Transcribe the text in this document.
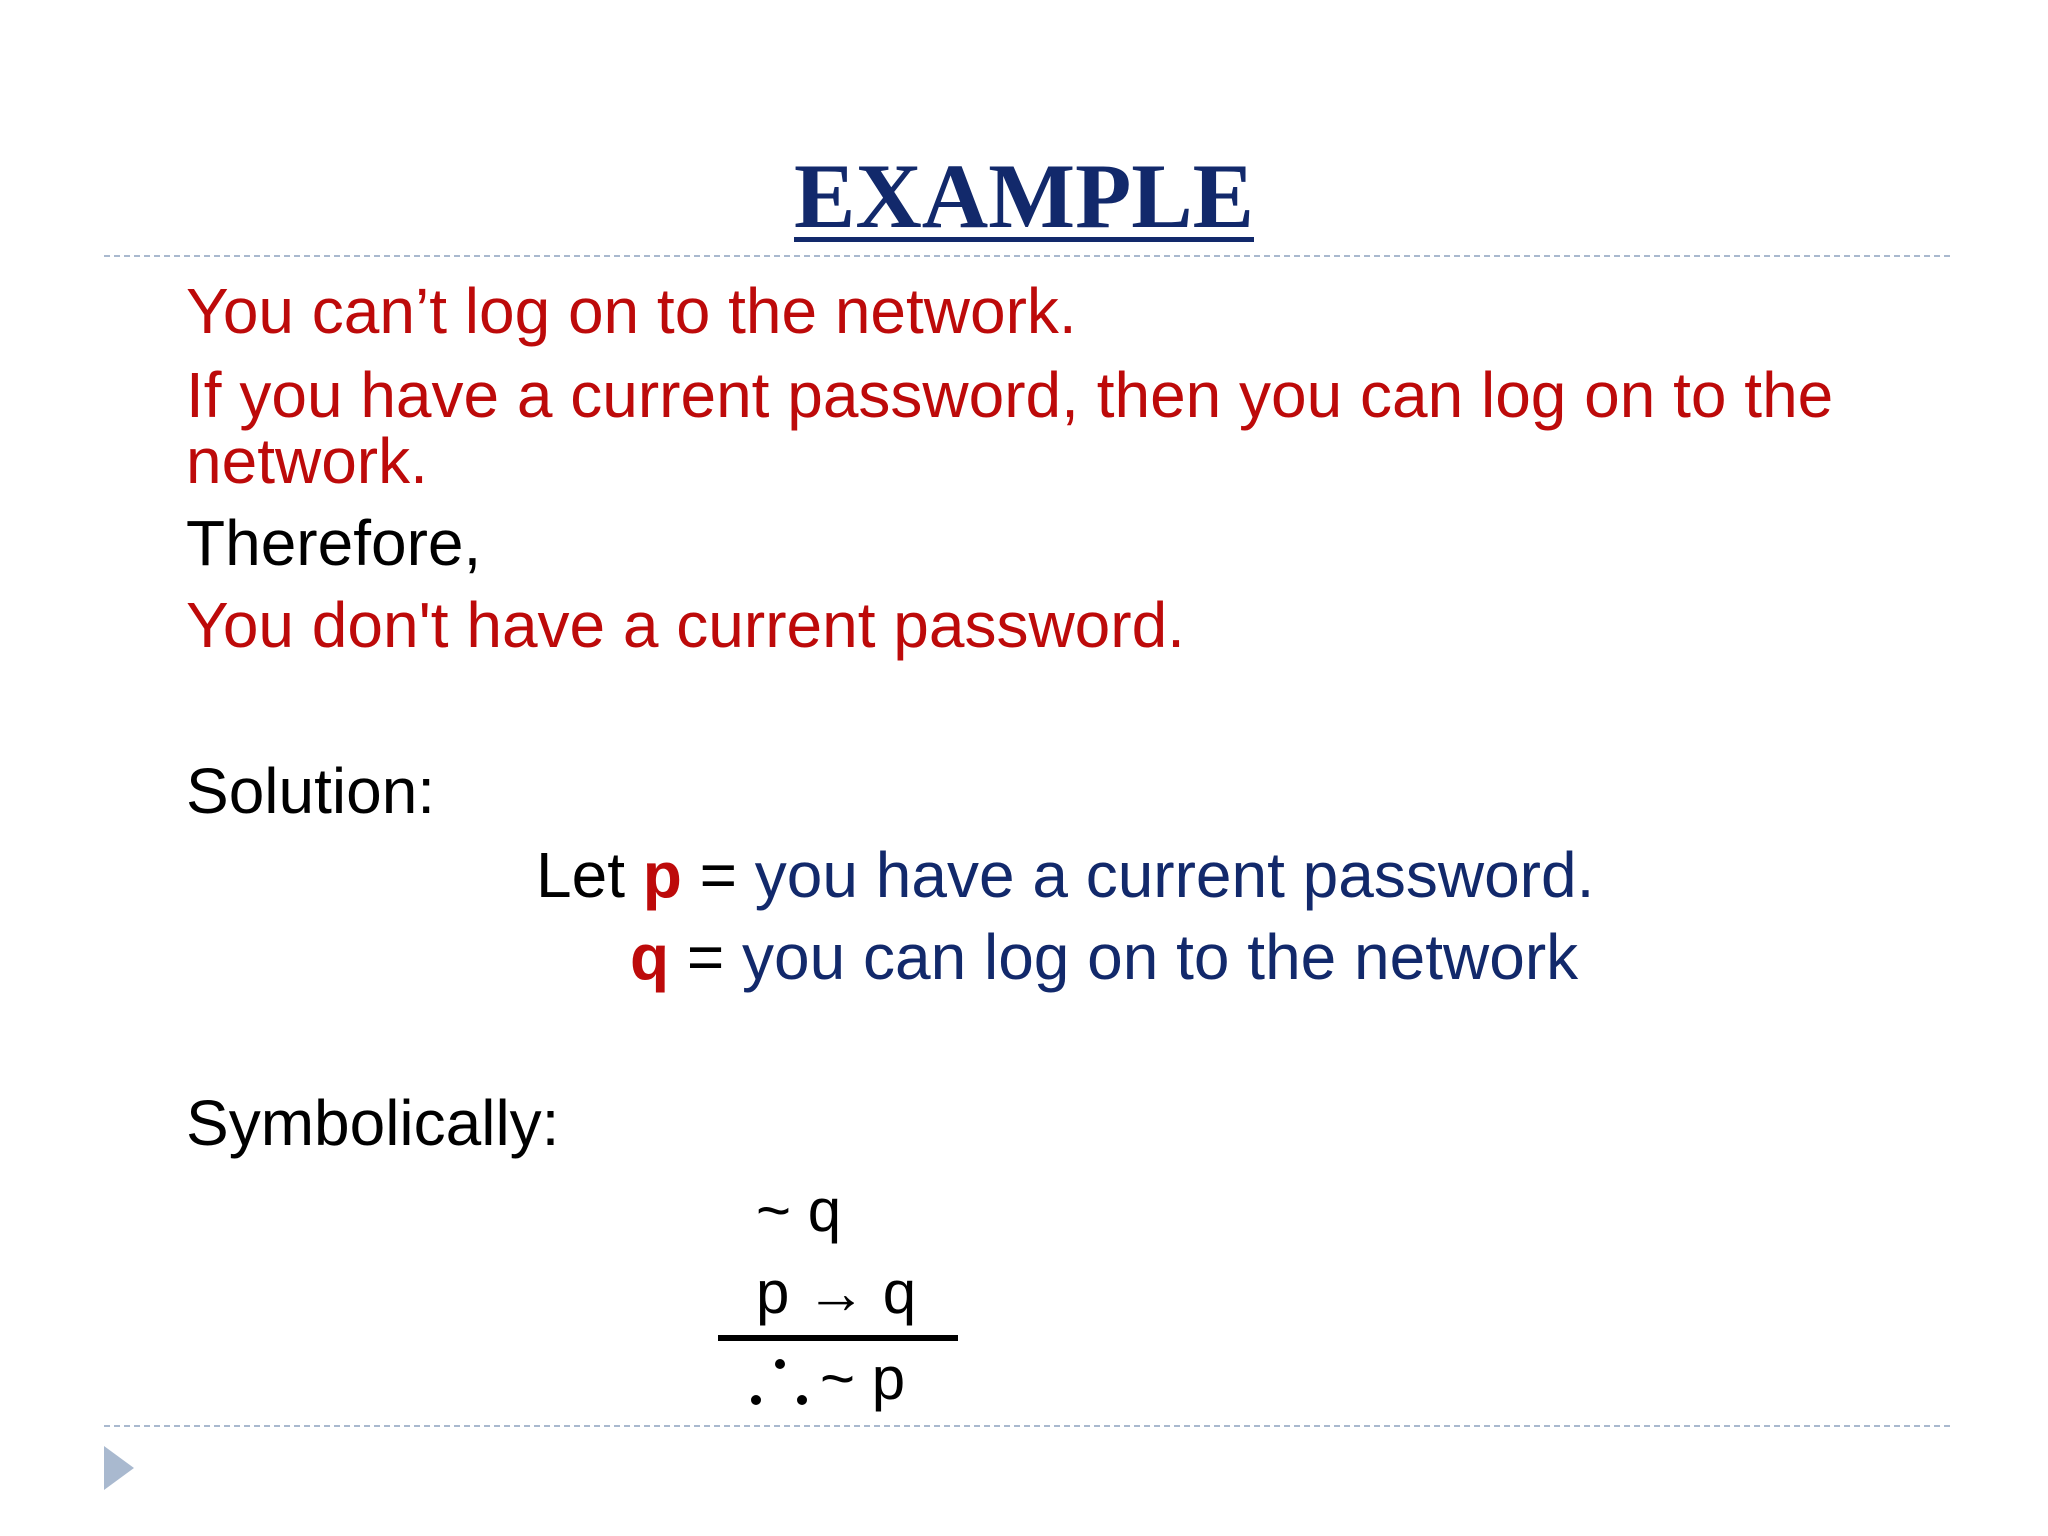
EXAMPLE

You can’t log on to the network.

If you have a current password, then you can log on to the network.

Therefore,

You don't have a current password.

Solution:

Let p = you have a current password.

q = you can log on to the network

Symbolically:

~ q
p → q
~ p
